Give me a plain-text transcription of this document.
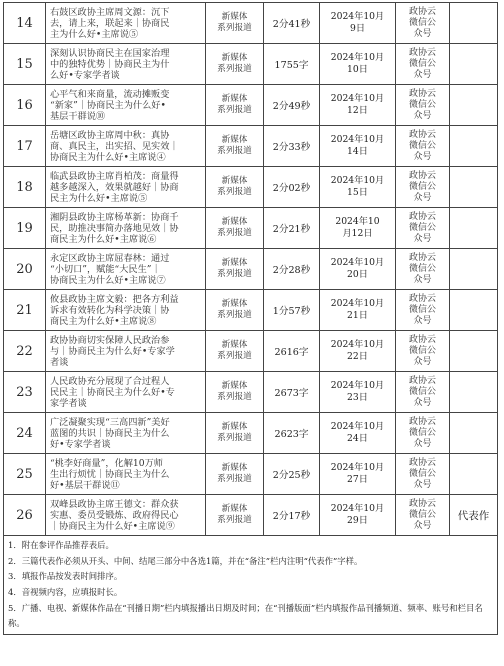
14	右鼓区政协主席周文源：沉下
去，请上来，联起来｜协商民
主为什么好•主席说⑤	新媒体
系列报道	2分41秒	2024年10月
9日	政协云
微信公
众号	

15	深刻认识协商民主在国家治理
中的独特优势｜协商民主为什
么好•专家学者谈	新媒体
系列报道	1755字	2024年10月
10日	政协云
微信公
众号	

16	心平气和来商量，流动摊贩变
“新家”｜协商民主为什么好•
基层干群说⑩	新媒体
系列报道	2分49秒	2024年10月
12日	政协云
微信公
众号	

17	岳塘区政协主席周中秋：真协
商、真民主，出实招、见实效｜
协商民主为什么好•主席说④	新媒体
系列报道	2分33秒	2024年10月
14日	政协云
微信公
众号	

18	临武县政协主席肖柏茂：商量得
越多越深入，效果就越好｜协商
民主为什么好•主席说⑤	新媒体
系列报道	2分02秒	2024年10月
15日	政协云
微信公
众号	

19	湘阴县政协主席杨革新：协商千
民，助推决事简办落地见效｜协
商民主为什么好•主席说⑥	新媒体
系列报道	2分21秒	2024年10
月12日	政协云
微信公
众号	

20	永定区政协主席屈春林：通过
“小切口”，赋能“大民生”｜
协商民主为什么好•主席说⑦	新媒体
系列报道	2分28秒	2024年10月
20日	政协云
微信公
众号	

21	攸县政协主席文毅：把各方利益
诉求有效转化为科学决策｜协
商民主为什么好•主席说⑧	新媒体
系列报道	1分57秒	2024年10月
21日	政协云
微信公
众号	

22	政协协商切实保障人民政治参
与｜协商民主为什么好•专家学
者谈	新媒体
系列报道	2616字	2024年10月
22日	政协云
微信公
众号	

23	人民政协充分展现了合过程人
民民主｜协商民主为什么好•专
家学者谈	新媒体
系列报道	2673字	2024年10月
23日	政协云
微信公
众号	

24	广泛凝聚实现“三高四新”美好
蓝图的共识｜协商民主为什么
好•专家学者谈	新媒体
系列报道	2623字	2024年10月
24日	政协云
微信公
众号	

25	“桃李好商量”，化解10万师
生出行烦忧｜协商民主为什么
好•基层干群说⑪	新媒体
系列报道	2分25秒	2024年10月
27日	政协云
微信公
众号	

26	双峰县政协主席王德文：群众获
实惠、委员受锻炼、政府得民心
｜协商民主为什么好•主席说⑨	新媒体
系列报道	2分17秒	2024年10月
29日	政协云
微信公
众号	代表作

1．附在参评作品推荐表后。
2．三篇代表作必须从开头、中间、结尾三部分中各选1篇，并在“备注”栏内注明“代表作”字样。
3．填报作品按发表时间排序。
4．音视频内容，应填报时长。
5．广播、电视、新媒体作品在“刊播日期”栏内填报播出日期及时间；在“刊播版面”栏内填报作品刊播频道、频率、账号和栏目名称。						
